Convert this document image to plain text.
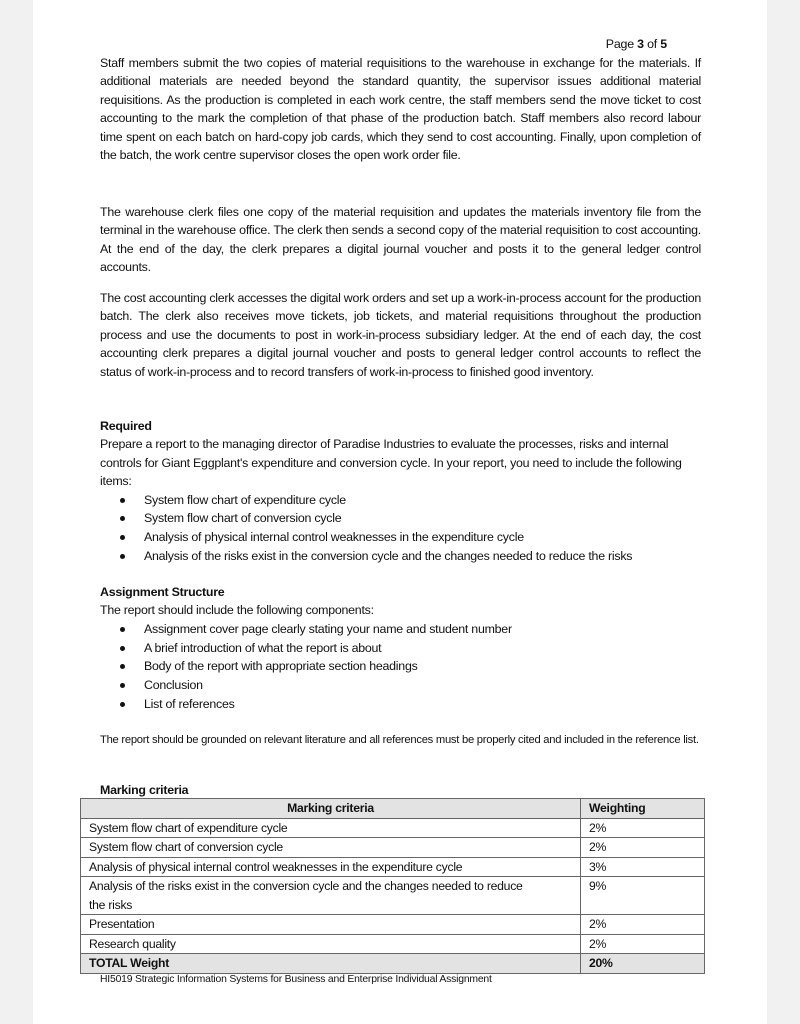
Page 3 of 5
Staff members submit the two copies of material requisitions to the warehouse in exchange for the materials. If additional materials are needed beyond the standard quantity, the supervisor issues additional material requisitions. As the production is completed in each work centre, the staff members send the move ticket to cost accounting to the mark the completion of that phase of the production batch. Staff members also record labour time spent on each batch on hard-copy job cards, which they send to cost accounting. Finally, upon completion of the batch, the work centre supervisor closes the open work order file.
The warehouse clerk files one copy of the material requisition and updates the materials inventory file from the terminal in the warehouse office. The clerk then sends a second copy of the material requisition to cost accounting. At the end of the day, the clerk prepares a digital journal voucher and posts it to the general ledger control accounts.
The cost accounting clerk accesses the digital work orders and set up a work-in-process account for the production batch. The clerk also receives move tickets, job tickets, and material requisitions throughout the production process and use the documents to post in work-in-process subsidiary ledger. At the end of each day, the cost accounting clerk prepares a digital journal voucher and posts to general ledger control accounts to reflect the status of work-in-process and to record transfers of work-in-process to finished good inventory.
Required
Prepare a report to the managing director of Paradise Industries to evaluate the processes, risks and internal controls for Giant Eggplant's expenditure and conversion cycle. In your report, you need to include the following items:
System flow chart of expenditure cycle
System flow chart of conversion cycle
Analysis of physical internal control weaknesses in the expenditure cycle
Analysis of the risks exist in the conversion cycle and the changes needed to reduce the risks
Assignment Structure
The report should include the following components:
Assignment cover page clearly stating your name and student number
A brief introduction of what the report is about
Body of the report with appropriate section headings
Conclusion
List of references
The report should be grounded on relevant literature and all references must be properly cited and included in the reference list.
Marking criteria
Marking criteria	Weighting
System flow chart of expenditure cycle	2%
System flow chart of conversion cycle	2%
Analysis of physical internal control weaknesses in the expenditure cycle	3%
Analysis of the risks exist in the conversion cycle and the changes needed to reduce the risks	9%
Presentation	2%
Research quality	2%
TOTAL Weight	20%
HI5019 Strategic Information Systems for Business and Enterprise Individual Assignment
